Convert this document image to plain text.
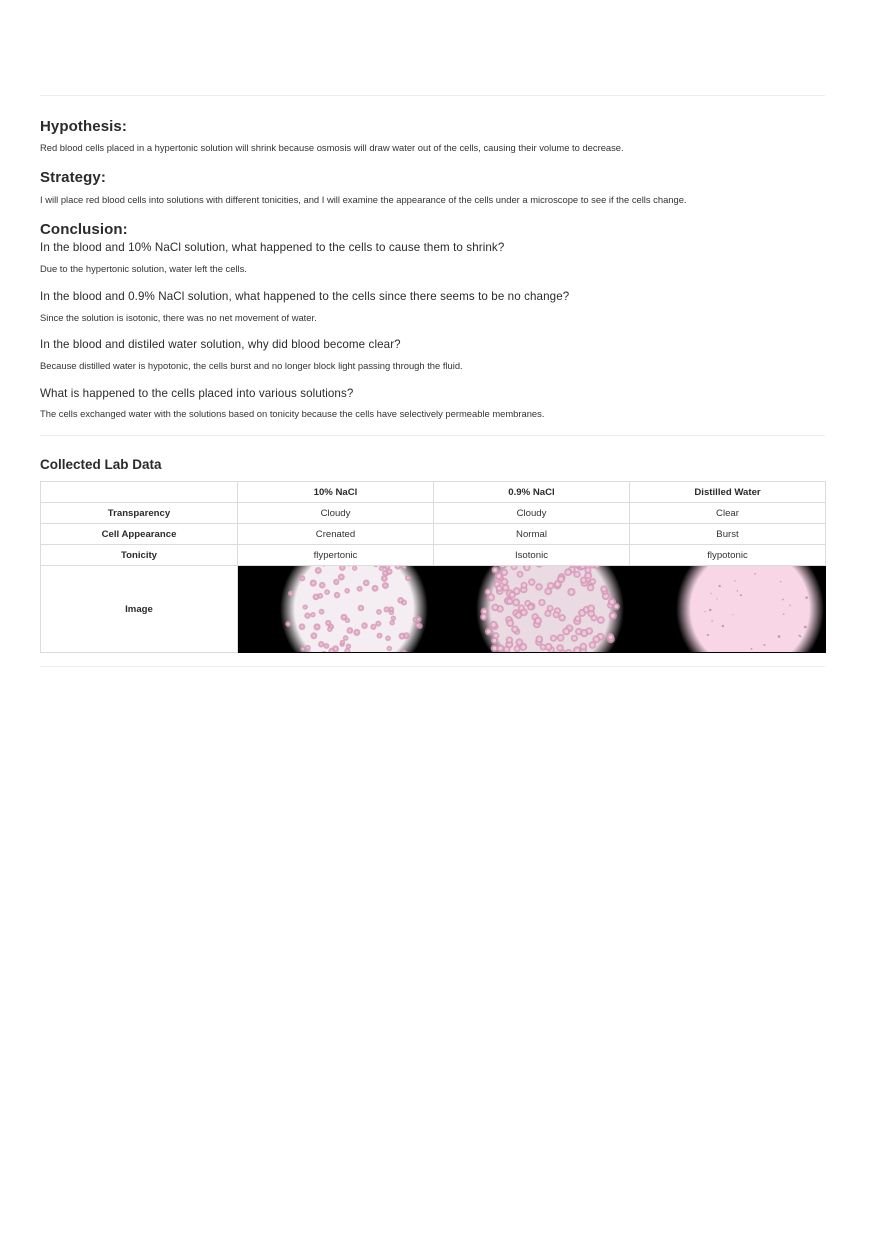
Hypothesis:

Red blood cells placed in a hypertonic solution will shrink because osmosis will draw water out of the cells, causing their volume to decrease.

Strategy:

I will place red blood cells into solutions with different tonicities, and I will examine the appearance of the cells under a microscope to see if the cells change.

Conclusion:

In the blood and 10% NaCl solution, what happened to the cells to cause them to shrink?

Due to the hypertonic solution, water left the cells.

In the blood and 0.9% NaCl solution, what happened to the cells since there seems to be no change?

Since the solution is isotonic, there was no net movement of water.

In the blood and distiled water solution, why did blood become clear?

Because distilled water is hypotonic, the cells burst and no longer block light passing through the fluid.

What is happened to the cells placed into various solutions?

The cells exchanged water with the solutions based on tonicity because the cells have selectively permeable membranes.

Collected Lab Data
	10% NaCl	0.9% NaCl	Distilled Water
Transparency	Cloudy	Cloudy	Clear
Cell Appearance	Crenated	Normal	Burst
Tonicity	flypertonic	Isotonic	flypotonic
Image	
